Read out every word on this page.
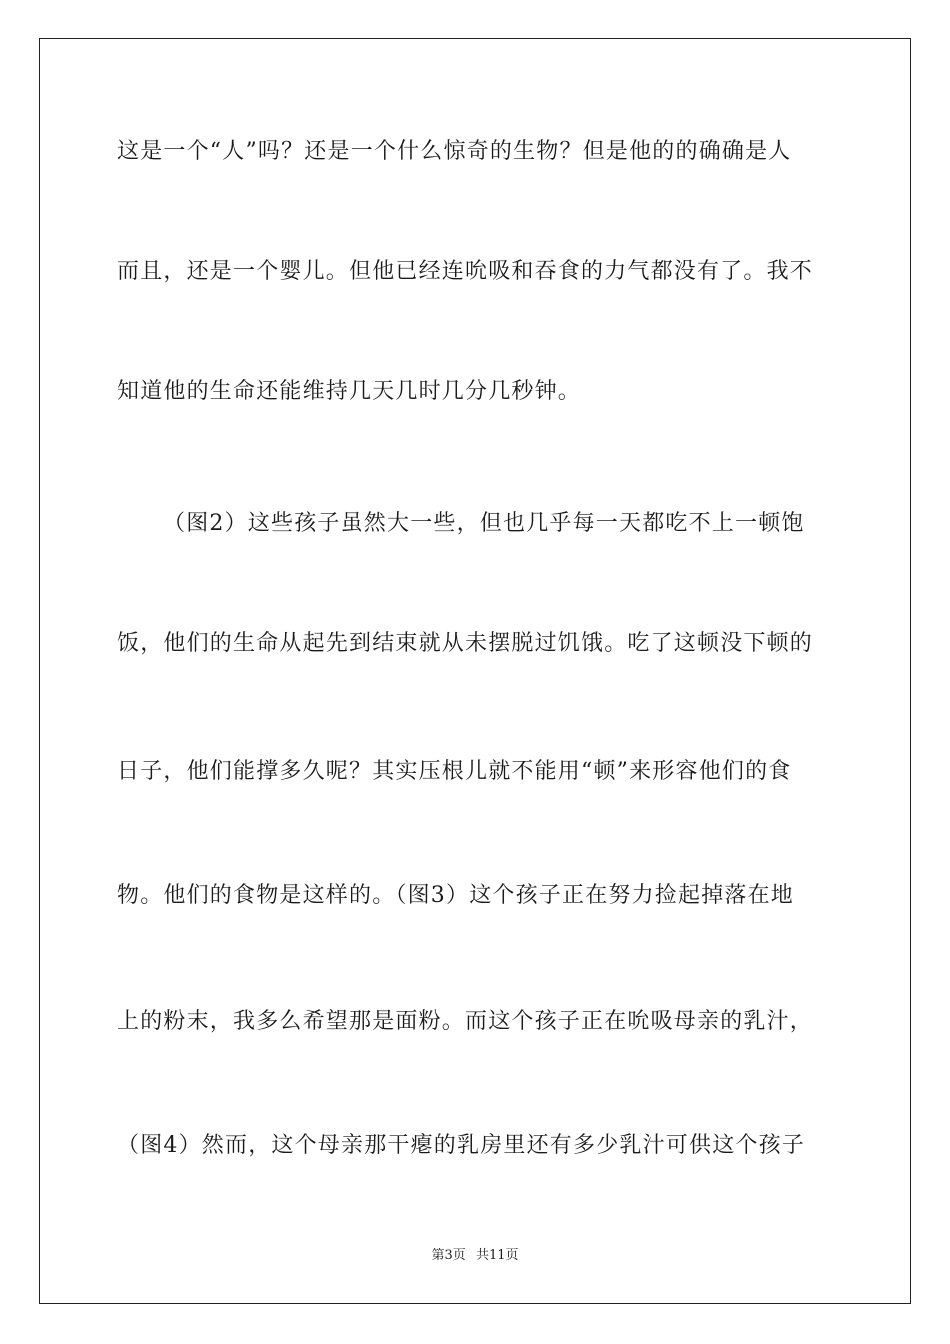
这是一个“人”吗？还是一个什么惊奇的生物？但是他的的确确是人
而且，还是一个婴儿。但他已经连吮吸和吞食的力气都没有了。我不
知道他的生命还能维持几天几时几分几秒钟。
（图2）这些孩子虽然大一些，但也几乎每一天都吃不上一顿饱
饭，他们的生命从起先到结束就从未摆脱过饥饿。吃了这顿没下顿的
日子，他们能撑多久呢？其实压根儿就不能用“顿”来形容他们的食
物。他们的食物是这样的。（图3）这个孩子正在努力捡起掉落在地
上的粉末，我多么希望那是面粉。而这个孩子正在吮吸母亲的乳汁，
（图4）然而，这个母亲那干瘪的乳房里还有多少乳汁可供这个孩子
第3页 共11页
